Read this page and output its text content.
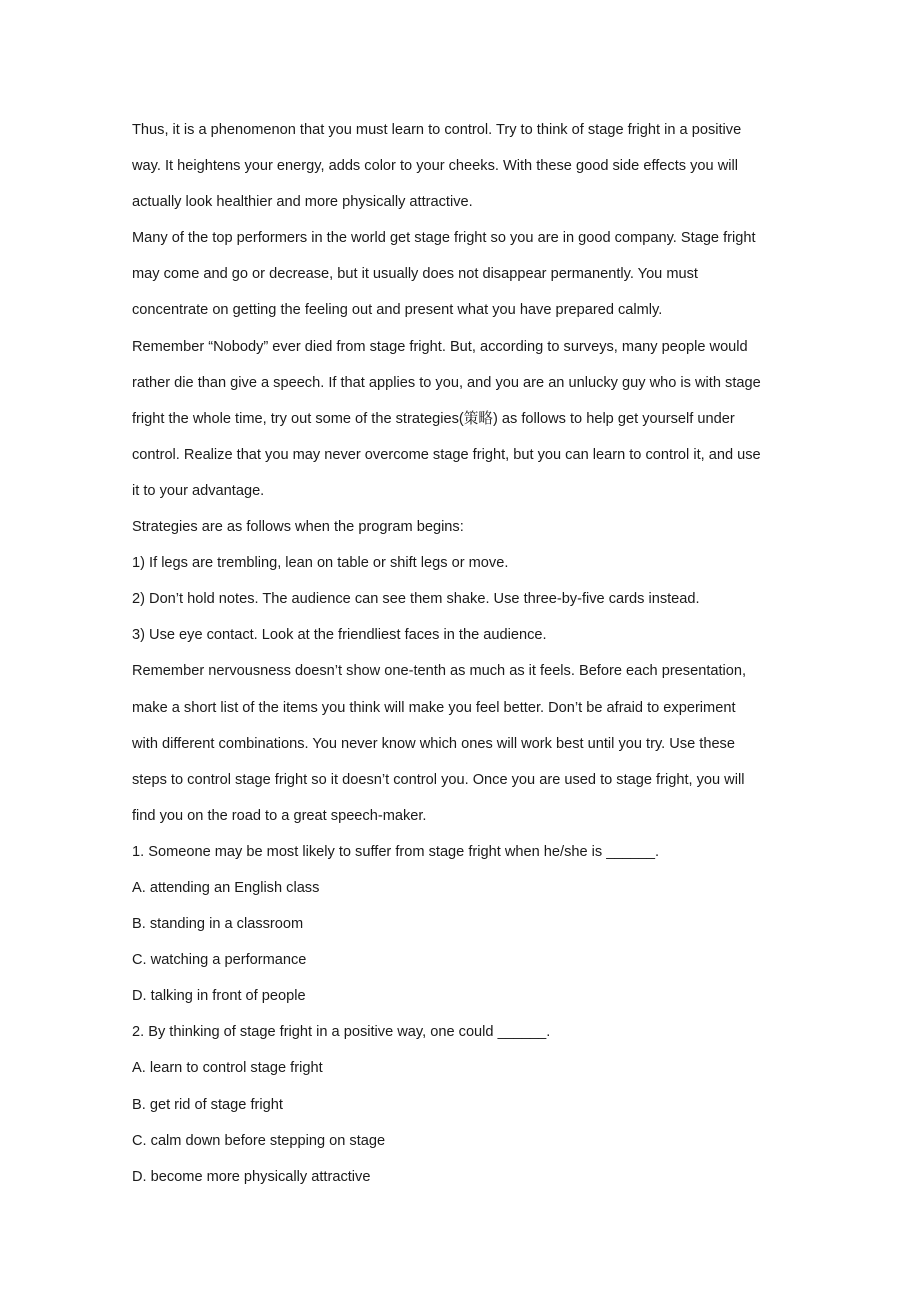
Thus, it is a phenomenon that you must learn to control. Try to think of stage fright in a positive

way. It heightens your energy, adds color to your cheeks. With these good side effects you will

actually look healthier and more physically attractive.

Many of the top performers in the world get stage fright so you are in good company. Stage fright

may come and go or decrease, but it usually does not disappear permanently. You must

concentrate on getting the feeling out and present what you have prepared calmly.

Remember “Nobody” ever died from stage fright. But, according to surveys, many people would

rather die than give a speech. If that applies to you, and you are an unlucky guy who is with stage

fright the whole time, try out some of the strategies(策略) as follows to help get yourself under

control. Realize that you may never overcome stage fright, but you can learn to control it, and use

it to your advantage.

Strategies are as follows when the program begins:

1) If legs are trembling, lean on table or shift legs or move.

2) Don’t hold notes. The audience can see them shake. Use three-by-five cards instead.

3) Use eye contact. Look at the friendliest faces in the audience.

Remember nervousness doesn’t show one-tenth as much as it feels. Before each presentation,

make a short list of the items you think will make you feel better. Don’t be afraid to experiment

with different combinations. You never know which ones will work best until you try. Use these

steps to control stage fright so it doesn’t control you. Once you are used to stage fright, you will

find you on the road to a great speech-maker.

1. Someone may be most likely to suffer from stage fright when he/she is ______.

A. attending an English class

B. standing in a classroom

C. watching a performance

D. talking in front of people

2. By thinking of stage fright in a positive way, one could ______.

A. learn to control stage fright

B. get rid of stage fright

C. calm down before stepping on stage

D. become more physically attractive
